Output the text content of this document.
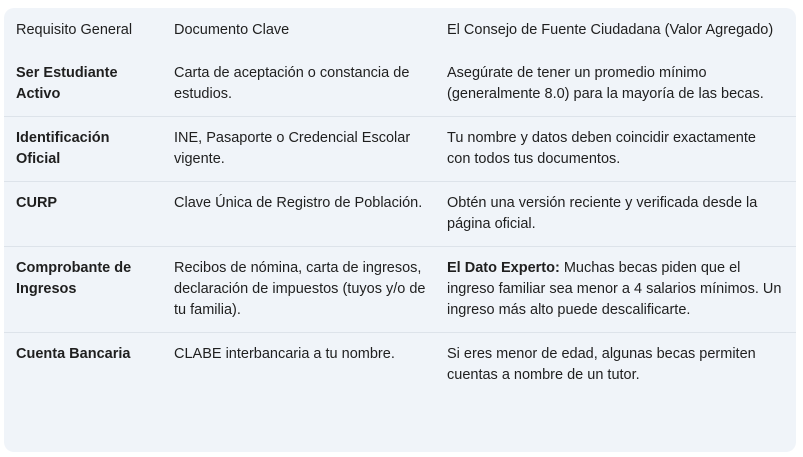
Requisito General	Documento Clave	El Consejo de Fuente Ciudadana (Valor Agregado)
Ser Estudiante Activo	Carta de aceptación o constancia de estudios.	Asegúrate de tener un promedio mínimo (generalmente 8.0) para la mayoría de las becas.
Identificación Oficial	INE, Pasaporte o Credencial Escolar vigente.	Tu nombre y datos deben coincidir exactamente con todos tus documentos.
CURP	Clave Única de Registro de Población.	Obtén una versión reciente y verificada desde la página oficial.
Comprobante de Ingresos	Recibos de nómina, carta de ingresos, declaración de impuestos (tuyos y/o de tu familia).	El Dato Experto: Muchas becas piden que el ingreso familiar sea menor a 4 salarios mínimos. Un ingreso más alto puede descalificarte.
Cuenta Bancaria	CLABE interbancaria a tu nombre.	Si eres menor de edad, algunas becas permiten cuentas a nombre de un tutor.
